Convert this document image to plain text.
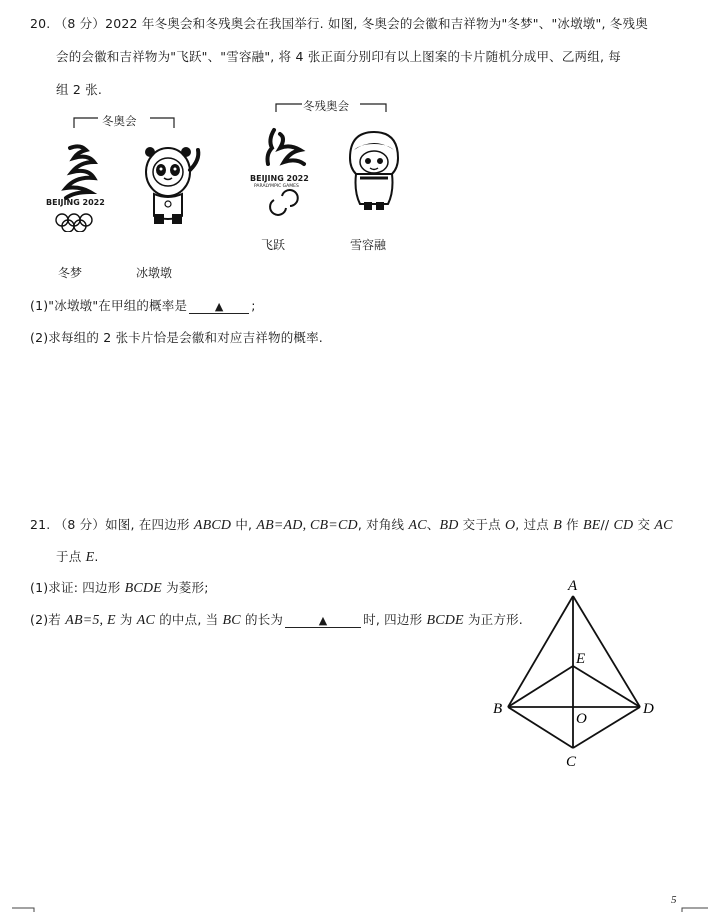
20. （8 分）2022 年冬奥会和冬残奥会在我国举行. 如图, 冬奥会的会徽和吉祥物为"冬梦"、"冰墩墩", 冬残奥
会的会徽和吉祥物为"飞跃"、"雪容融", 将 4 张正面分别印有以上图案的卡片随机分成甲、乙两组, 每
组 2 张.
冬奥会
冬残奥会
BEIJING 2022
BEIJING 2022
PARALYMPIC GAMES
飞跃	雪容融
冬梦	冰墩墩
(1)"冰墩墩"在甲组的概率是	▲ ;
(2)求每组的 2 张卡片恰是会徽和对应吉祥物的概率.
21. （8 分）如图, 在四边形 ABCD 中, AB=AD, CB=CD, 对角线 AC、BD 交于点 O, 过点 B 作 BE// CD 交 AC
于点 E.
(1)求证: 四边形 BCDE 为菱形;
(2)若 AB=5, E 为 AC 的中点, 当 BC 的长为	▲	时, 四边形 BCDE 为正方形.
A
B
C
D
E
O
5
